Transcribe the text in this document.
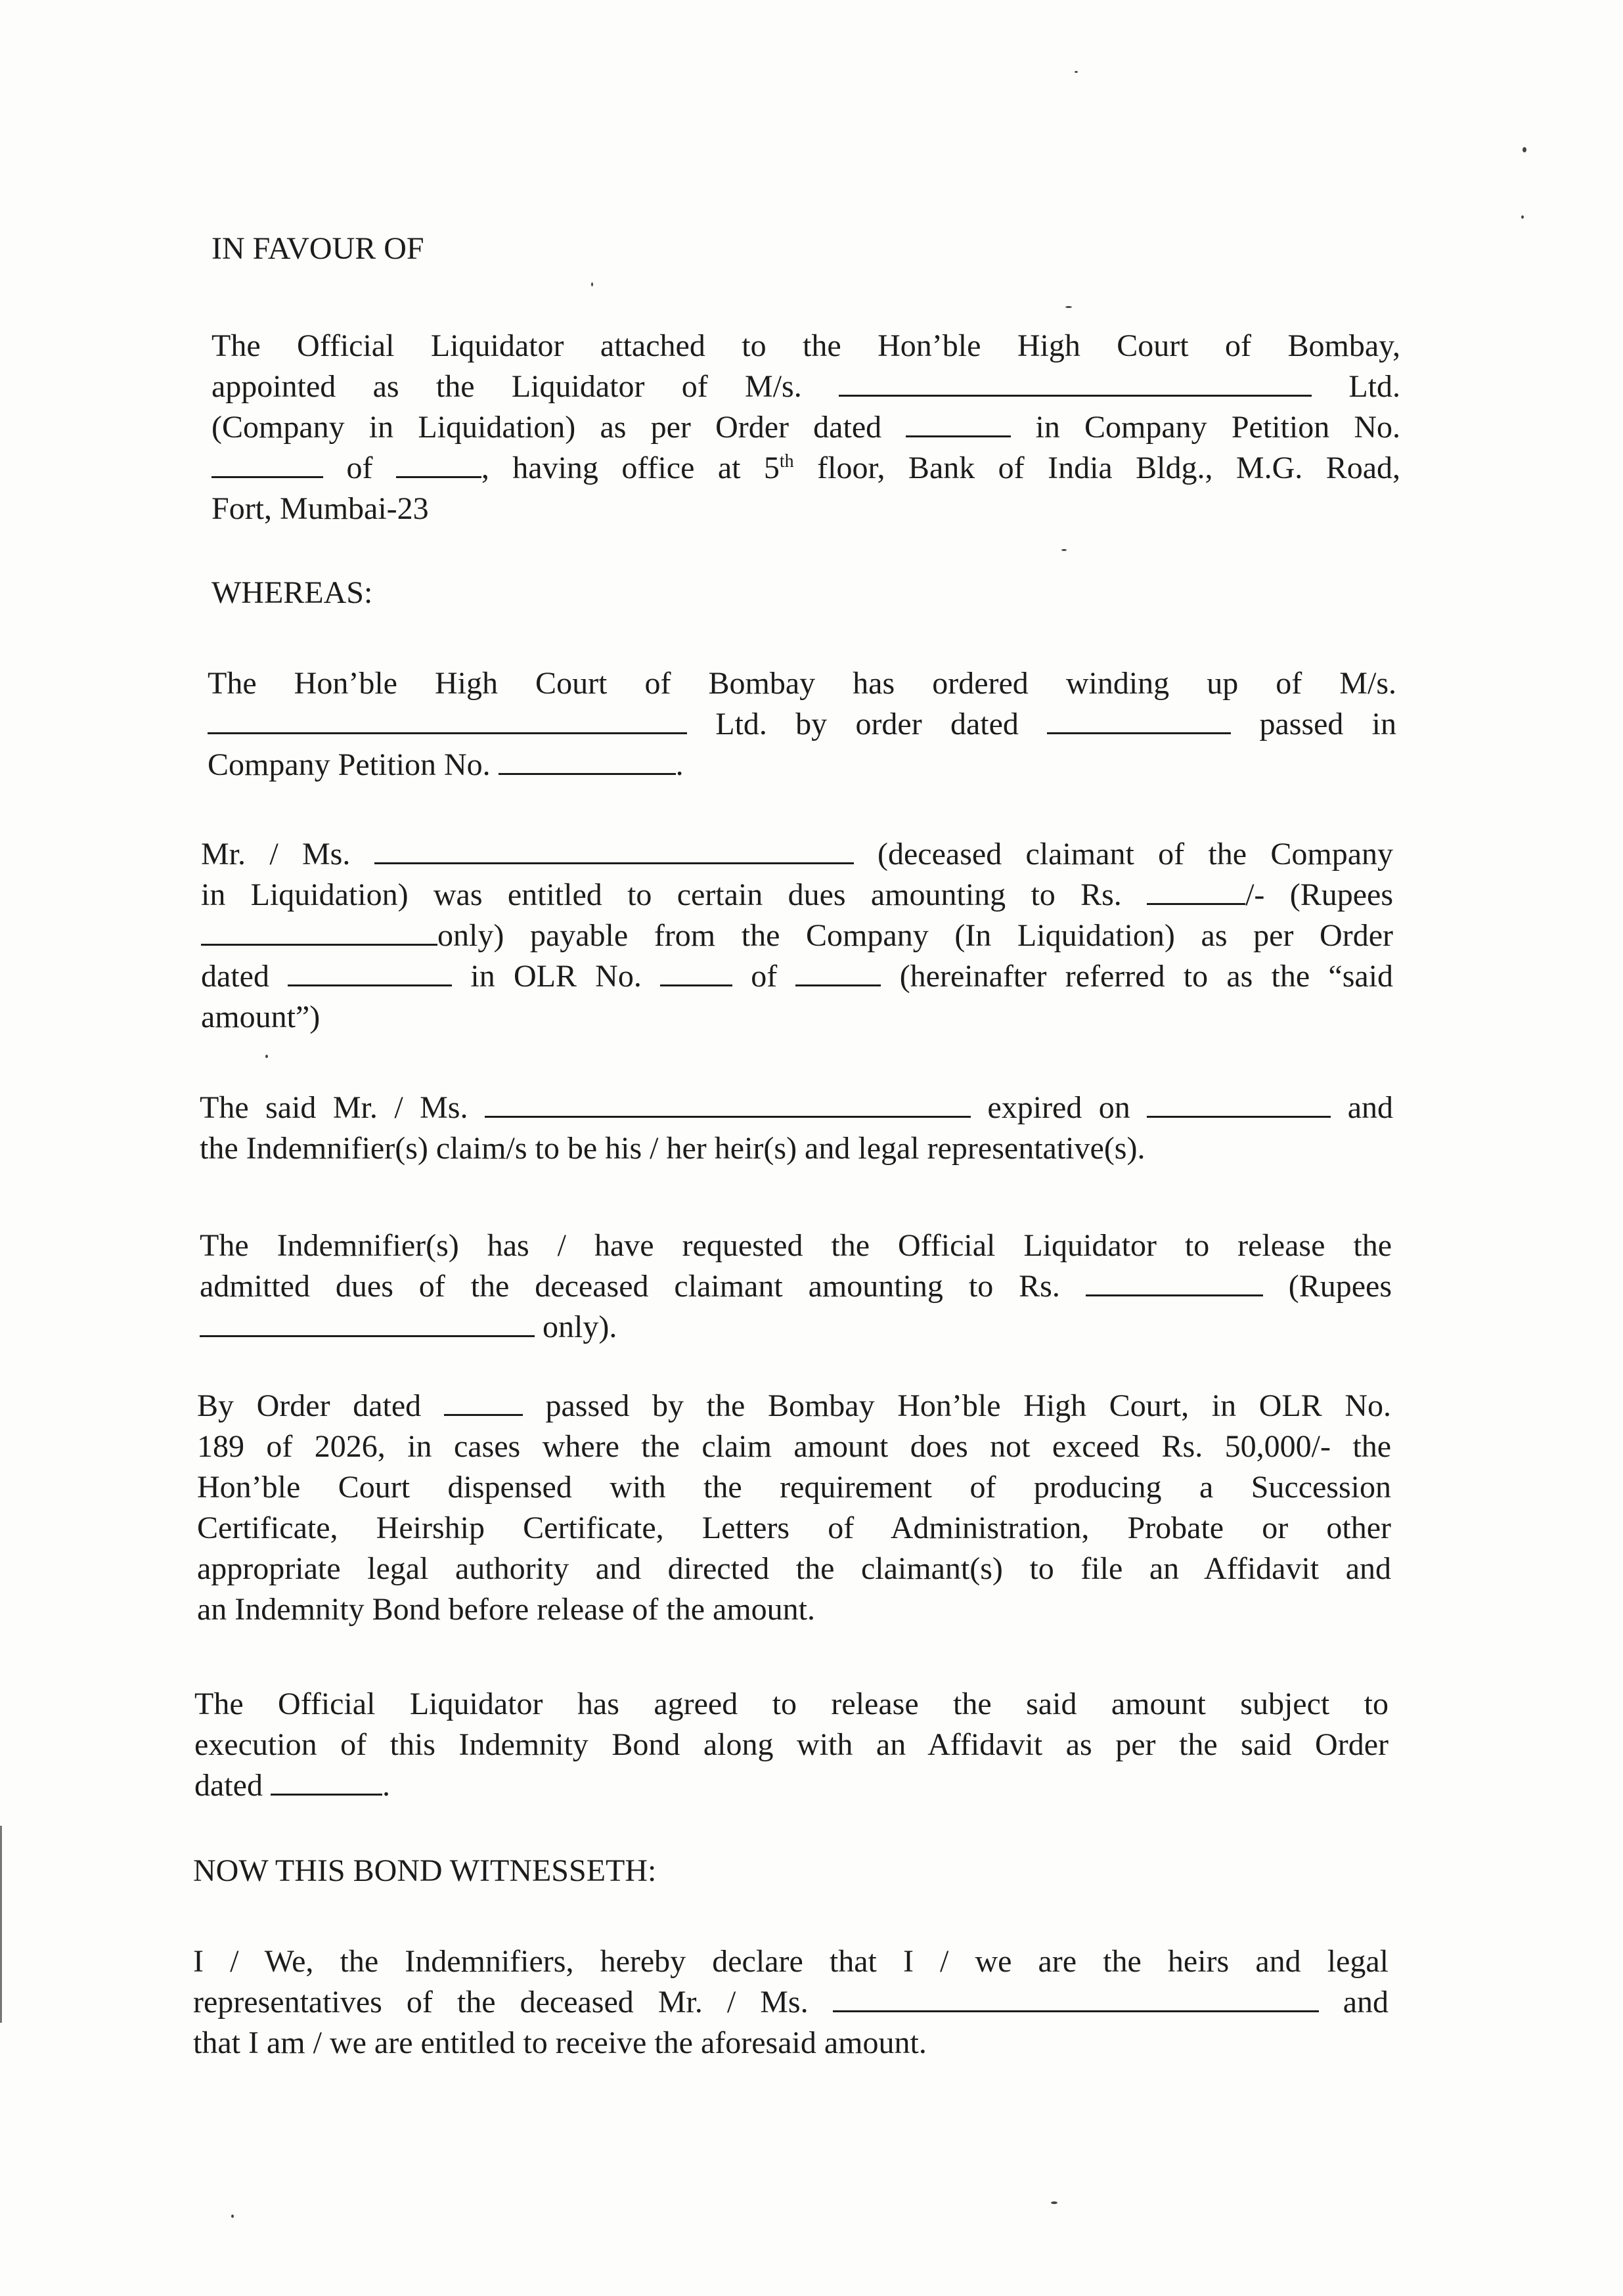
IN FAVOUR OF
The Official Liquidator attached to the Hon’ble High Court of Bombay,
appointed as the Liquidator of M/s.	Ltd.
(Company in Liquidation) as per Order dated	in Company Petition No.
of	, having office at 5th floor, Bank of India Bldg., M.G. Road,
Fort, Mumbai-23
WHEREAS:
The Hon’ble High Court of Bombay has ordered winding up of M/s.
Ltd. by order dated	passed in
Company Petition No.	.
Mr. / Ms.	(deceased claimant of the Company
in Liquidation) was entitled to certain dues amounting to Rs.	/- (Rupees
only) payable from the Company (In Liquidation) as per Order
dated	in OLR No.	of	(hereinafter referred to as the “said
amount”)
The said Mr. / Ms.	expired on	and
the Indemnifier(s) claim/s to be his / her heir(s) and legal representative(s).
The Indemnifier(s) has / have requested the Official Liquidator to release the
admitted dues of the deceased claimant amounting to Rs.	(Rupees
only).
By Order dated	passed by the Bombay Hon’ble High Court, in OLR No.
189 of 2026, in cases where the claim amount does not exceed Rs. 50,000/- the
Hon’ble Court dispensed with the requirement of producing a Succession
Certificate, Heirship Certificate, Letters of Administration, Probate or other
appropriate legal authority and directed the claimant(s) to file an Affidavit and
an Indemnity Bond before release of the amount.
The Official Liquidator has agreed to release the said amount subject to
execution of this Indemnity Bond along with an Affidavit as per the said Order
dated	.
NOW THIS BOND WITNESSETH:
I / We, the Indemnifiers, hereby declare that I / we are the heirs and legal
representatives of the deceased Mr. / Ms.	and
that I am / we are entitled to receive the aforesaid amount.
